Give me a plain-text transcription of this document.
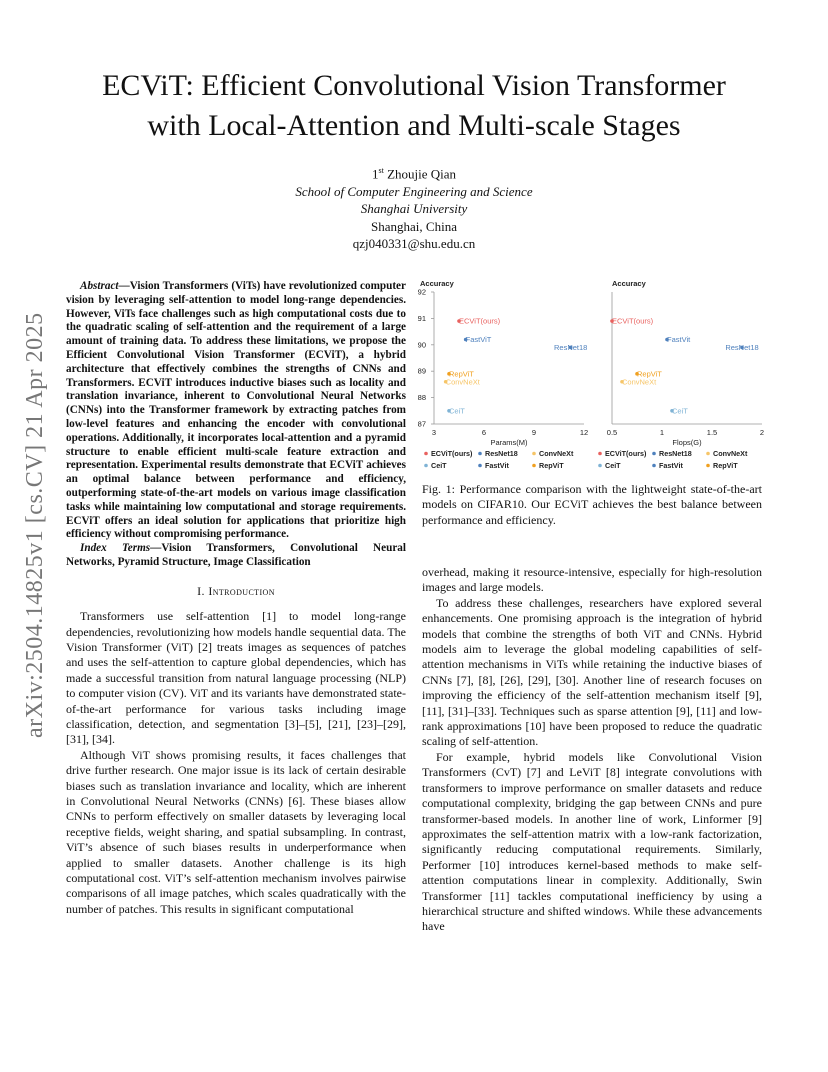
arXiv:2504.14825v1 [cs.CV] 21 Apr 2025
ECViT: Efficient Convolutional Vision Transformer
with Local-Attention and Multi-scale Stages
1st Zhoujie Qian
School of Computer Engineering and Science
Shanghai University
Shanghai, China
qzj040331@shu.edu.cn

Abstract—Vision Transformers (ViTs) have revolutionized computer vision by leveraging self-attention to model long-range dependencies. However, ViTs face challenges such as high computational costs due to the quadratic scaling of self-attention and the requirement of a large amount of training data. To address these limitations, we propose the Efficient Convolutional Vision Transformer (ECViT), a hybrid architecture that effectively combines the strengths of CNNs and Transformers. ECViT introduces inductive biases such as locality and translation invariance, inherent to Convolutional Neural Networks (CNNs) into the Transformer framework by extracting patches from low-level features and enhancing the encoder with convolutional operations. Additionally, it incorporates local-attention and a pyramid structure to enable efficient multi-scale feature extraction and representation. Experimental results demonstrate that ECViT achieves an optimal balance between performance and efficiency, outperforming state-of-the-art models on various image classification tasks while maintaining low computational and storage requirements. ECViT offers an ideal solution for applications that prioritize high efficiency without compromising performance.

Index Terms—Vision Transformers, Convolutional Neural Networks, Pyramid Structure, Image Classification

I. Introduction

Transformers use self-attention [1] to model long-range dependencies, revolutionizing how models handle sequential data. The Vision Transformer (ViT) [2] treats images as sequences of patches and uses the self-attention to capture global dependencies, which has made a successful transition from natural language processing (NLP) to computer vision (CV). ViT and its variants have demonstrated state-of-the-art performance for various tasks including image classification, detection, and segmentation [3]–[5], [21], [23]–[29], [31], [34].

Although ViT shows promising results, it faces challenges that drive further research. One major issue is its lack of certain desirable biases such as translation invariance and locality, which are inherent in Convolutional Neural Networks (CNNs) [6]. These biases allow CNNs to perform effectively on smaller datasets by leveraging local receptive fields, weight sharing, and spatial subsampling. In contrast, ViT’s absence of such biases results in underperformance when applied to smaller datasets. Another challenge is its high computational cost. ViT’s self-attention mechanism involves pairwise comparisons of all image patches, which scales quadratically with the number of patches. This results in significant computational

Accuracy
87
88
89
90
91
92
3	6	9	12
Params(M)
ECViT(ours)
FastViT
ResNet18
RepViT
ConvNeXt
CeiT
ECViT(ours) ResNet18	ConvNeXt
CeiT	FastVit	RepViT
Accuracy
0.5	1	1.5	2
Flops(G)
ECViT(ours)
FastVit
ResNet18
RepViT
ConvNeXt
CeiT
ECViT(ours) ResNet18	ConvNeXt
CeiT	FastVit	RepViT
Fig. 1: Performance comparison with the lightweight state-of-the-art models on CIFAR10. Our ECViT achieves the best balance between performance and efficiency.

overhead, making it resource-intensive, especially for high-resolution images and large models.

To address these challenges, researchers have explored several enhancements. One promising approach is the integration of hybrid models that combine the strengths of both ViT and CNNs. Hybrid models aim to leverage the global modeling capabilities of self-attention mechanisms in ViTs while retaining the inductive biases of CNNs [7], [8], [26], [29], [30]. Another line of research focuses on improving the efficiency of the self-attention mechanism itself [9], [11], [31]–[33]. Techniques such as sparse attention [9], [11] and low-rank approximations [10] have been proposed to reduce the quadratic scaling of self-attention.

For example, hybrid models like Convolutional Vision Transformers (CvT) [7] and LeViT [8] integrate convolutions with transformers to improve performance on smaller datasets and reduce computational complexity, bridging the gap between CNNs and pure transformer-based models. In another line of work, Linformer [9] approximates the self-attention matrix with a low-rank factorization, significantly reducing computational requirements. Similarly, Performer [10] introduces kernel-based methods to make self-attention computations linear in complexity. Additionally, Swin Transformer [11] tackles computational inefficiency by using a hierarchical structure and shifted windows. While these advancements have
